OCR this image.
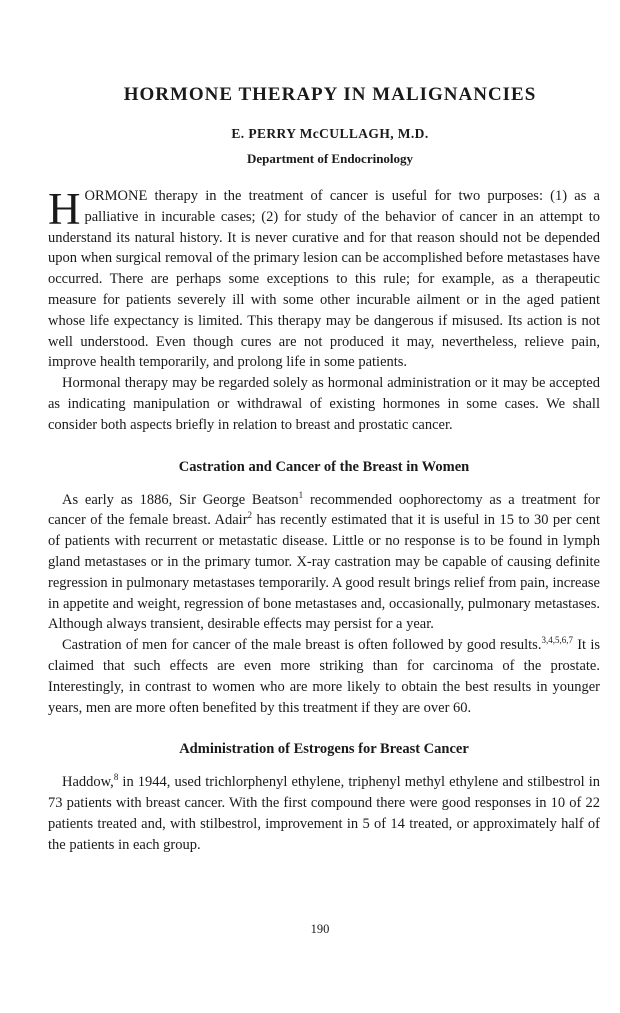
HORMONE THERAPY IN MALIGNANCIES
E. PERRY McCULLAGH, M.D.
Department of Endocrinology

HORMONE therapy in the treatment of cancer is useful for two purposes: (1) as a palliative in incurable cases; (2) for study of the behavior of cancer in an attempt to understand its natural history. It is never curative and for that reason should not be depended upon when surgical removal of the primary lesion can be accomplished before metastases have occurred. There are perhaps some exceptions to this rule; for example, as a therapeutic measure for patients severely ill with some other incurable ailment or in the aged patient whose life expectancy is limited. This therapy may be dangerous if misused. Its action is not well understood. Even though cures are not produced it may, nevertheless, relieve pain, improve health temporarily, and prolong life in some patients.

Hormonal therapy may be regarded solely as hormonal administration or it may be accepted as indicating manipulation or withdrawal of existing hormones in some cases. We shall consider both aspects briefly in relation to breast and prostatic cancer.

Castration and Cancer of the Breast in Women

As early as 1886, Sir George Beatson$^1$ recommended oophorectomy as a treatment for cancer of the female breast. Adair$^2$ has recently estimated that it is useful in 15 to 30 per cent of patients with recurrent or metastatic disease. Little or no response is to be found in lymph gland metastases or in the primary tumor. X-ray castration may be capable of causing definite regression in pulmonary metastases temporarily. A good result brings relief from pain, increase in appetite and weight, regression of bone metastases and, occasionally, pulmonary metastases. Although always transient, desirable effects may persist for a year.

Castration of men for cancer of the male breast is often followed by good results.$^{3,4,5,6,7}$ It is claimed that such effects are even more striking than for carcinoma of the prostate. Interestingly, in contrast to women who are more likely to obtain the best results in younger years, men are more often benefited by this treatment if they are over 60.

Administration of Estrogens for Breast Cancer

Haddow,$^8$ in 1944, used trichlorphenyl ethylene, triphenyl methyl ethylene and stilbestrol in 73 patients with breast cancer. With the first compound there were good responses in 10 of 22 patients treated and, with stilbestrol, improvement in 5 of 14 treated, or approximately half of the patients in each group.

190
